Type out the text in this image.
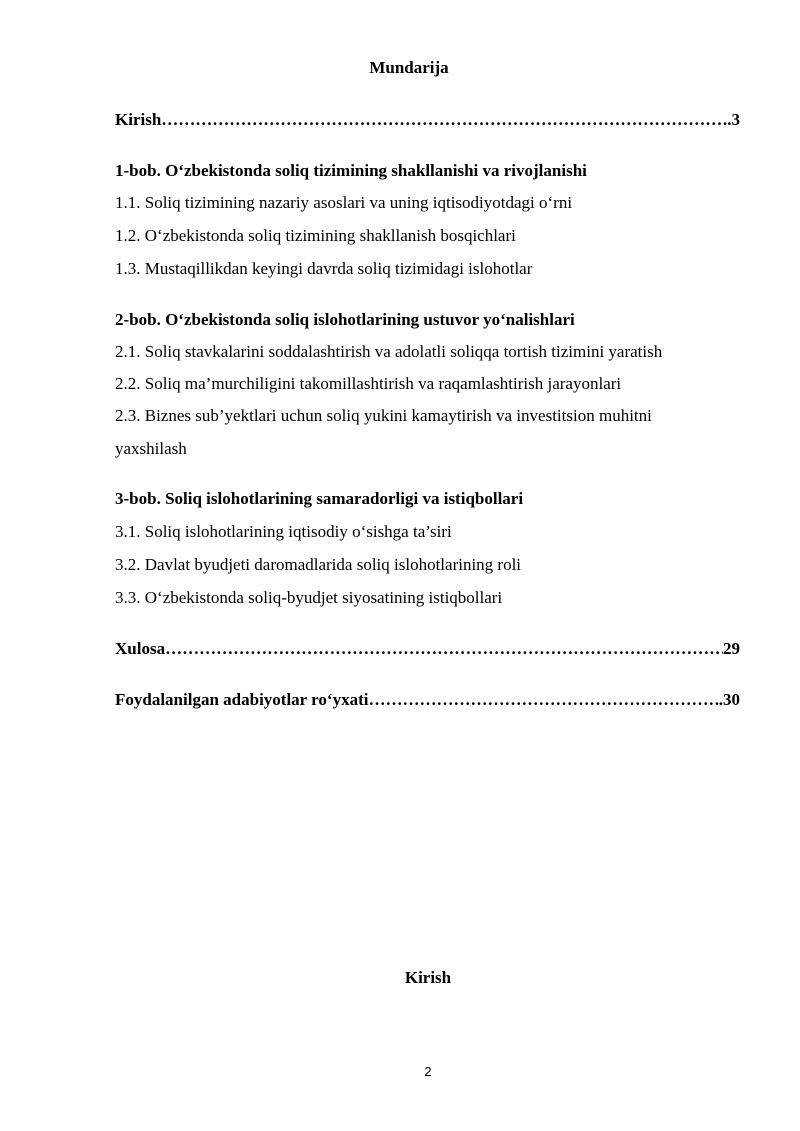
Mundarija
Kirish ………………………………………………………………………………………………………………………………………………………………………………	.3
1-bob. O‘zbekistonda soliq tizimining shakllanishi va rivojlanishi
1.1. Soliq tizimining nazariy asoslari va uning iqtisodiyotdagi o‘rni
1.2. O‘zbekistonda soliq tizimining shakllanish bosqichlari
1.3. Mustaqillikdan keyingi davrda soliq tizimidagi islohotlar
2-bob. O‘zbekistonda soliq islohotlarining ustuvor yo‘nalishlari
2.1. Soliq stavkalarini soddalashtirish va adolatli soliqqa tortish tizimini yaratish
2.2. Soliq ma’murchiligini takomillashtirish va raqamlashtirish jarayonlari
2.3. Biznes sub’yektlari uchun soliq yukini kamaytirish va investitsion muhitni
yaxshilash
3-bob. Soliq islohotlarining samaradorligi va istiqbollari
3.1. Soliq islohotlarining iqtisodiy o‘sishga ta’siri
3.2. Davlat byudjeti daromadlarida soliq islohotlarining roli
3.3. O‘zbekistonda soliq-byudjet siyosatining istiqbollari
Xulosa ………………………………………………………………………………………………………………………………………………………………………………	29
Foydalanilgan adabiyotlar ro‘yxati ………………………………………………………………………………………………………………………………………………………………………………	.30
Kirish
2
